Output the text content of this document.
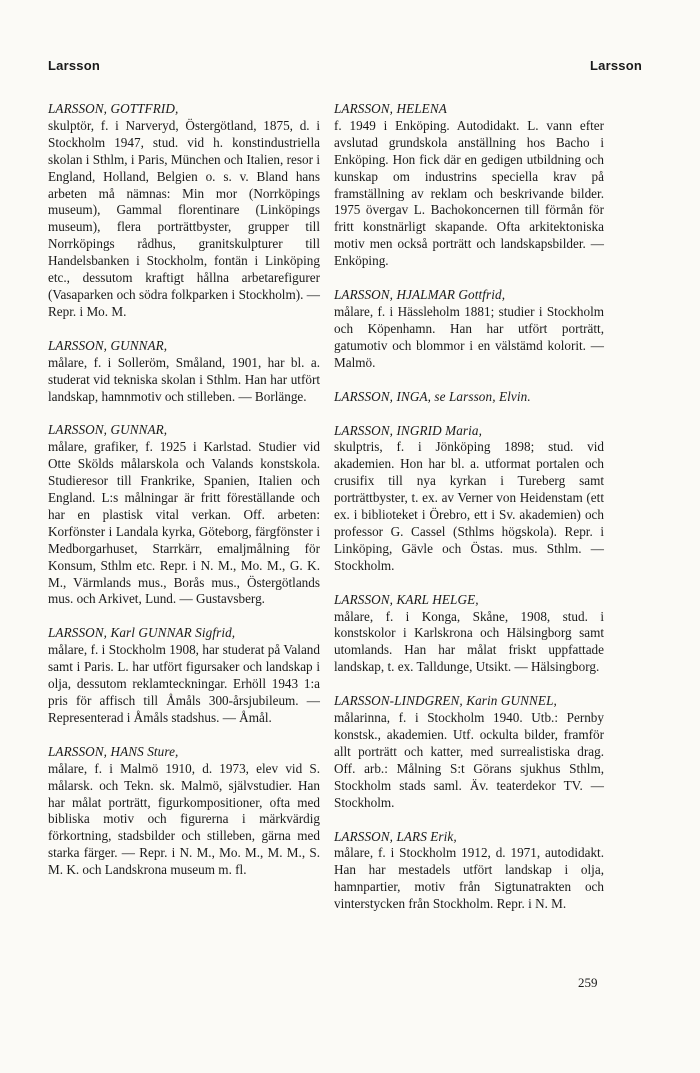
Larsson	Larsson

LARSSON, GOTTFRID,
skulptör, f. i Narveryd, Östergötland, 1875, d. i Stockholm 1947, stud. vid h. konstindustriella skolan i Sthlm, i Paris, München och Italien, resor i England, Holland, Belgien o. s. v. Bland hans arbeten må nämnas: Min mor (Norrköpings museum), Gammal florentinare (Linköpings museum), flera porträttbyster, grupper till Norrköpings rådhus, granitskulpturer till Handelsbanken i Stockholm, fontän i Linköping etc., dessutom kraftigt hållna arbetarefigurer (Vasaparken och södra folkparken i Stockholm). — Repr. i Mo. M.

LARSSON, GUNNAR,
målare, f. i Solleröm, Småland, 1901, har bl. a. studerat vid tekniska skolan i Sthlm. Han har utfört landskap, hamnmotiv och stilleben. — Borlänge.

LARSSON, GUNNAR,
målare, grafiker, f. 1925 i Karlstad. Studier vid Otte Skölds målarskola och Valands konstskola. Studieresor till Frankrike, Spanien, Italien och England. L:s målningar är fritt föreställande och har en plastisk vital verkan. Off. arbeten: Korfönster i Landala kyrka, Göteborg, färgfönster i Medborgarhuset, Starrkärr, emaljmålning för Konsum, Sthlm etc. Repr. i N. M., Mo. M., G. K. M., Värmlands mus., Borås mus., Östergötlands mus. och Arkivet, Lund. — Gustavsberg.

LARSSON, Karl GUNNAR Sigfrid,
målare, f. i Stockholm 1908, har studerat på Valand samt i Paris. L. har utfört figursaker och landskap i olja, dessutom reklamteckningar. Erhöll 1943 1:a pris för affisch till Åmåls 300-årsjubileum. — Representerad i Åmåls stadshus. — Åmål.

LARSSON, HANS Sture,
målare, f. i Malmö 1910, d. 1973, elev vid S. målarsk. och Tekn. sk. Malmö, självstudier. Han har målat porträtt, figurkompositioner, ofta med bibliska motiv och figurerna i märkvärdig förkortning, stadsbilder och stilleben, gärna med starka färger. — Repr. i N. M., Mo. M., M. M., S. M. K. och Landskrona museum m. fl.

LARSSON, HELENA
f. 1949 i Enköping. Autodidakt. L. vann efter avslutad grundskola anställning hos Bacho i Enköping. Hon fick där en gedigen utbildning och kunskap om industrins speciella krav på framställning av reklam och beskrivande bilder. 1975 övergav L. Bachokoncernen till förmån för fritt konstnärligt skapande. Ofta arkitektoniska motiv men också porträtt och landskapsbilder. — Enköping.

LARSSON, HJALMAR Gottfrid,
målare, f. i Hässleholm 1881; studier i Stockholm och Köpenhamn. Han har utfört porträtt, gatumotiv och blommor i en välstämd kolorit. — Malmö.

LARSSON, INGA, se Larsson, Elvin.

LARSSON, INGRID Maria,
skulptris, f. i Jönköping 1898; stud. vid akademien. Hon har bl. a. utformat portalen och crusifix till nya kyrkan i Tureberg samt porträttbyster, t. ex. av Verner von Heidenstam (ett ex. i biblioteket i Örebro, ett i Sv. akademien) och professor G. Cassel (Sthlms högskola). Repr. i Linköping, Gävle och Östas. mus. Sthlm. — Stockholm.

LARSSON, KARL HELGE,
målare, f. i Konga, Skåne, 1908, stud. i konstskolor i Karlskrona och Hälsingborg samt utomlands. Han har målat friskt uppfattade landskap, t. ex. Talldunge, Utsikt. — Hälsingborg.

LARSSON-LINDGREN, Karin GUNNEL,
målarinna, f. i Stockholm 1940. Utb.: Pernby konstsk., akademien. Utf. ockulta bilder, framför allt porträtt och katter, med surrealistiska drag. Off. arb.: Målning S:t Görans sjukhus Sthlm, Stockholm stads saml. Äv. teaterdekor TV. — Stockholm.

LARSSON, LARS Erik,
målare, f. i Stockholm 1912, d. 1971, autodidakt. Han har mestadels utfört landskap i olja, hamnpartier, motiv från Sigtunatrakten och vinterstycken från Stockholm. Repr. i N. M.

259
